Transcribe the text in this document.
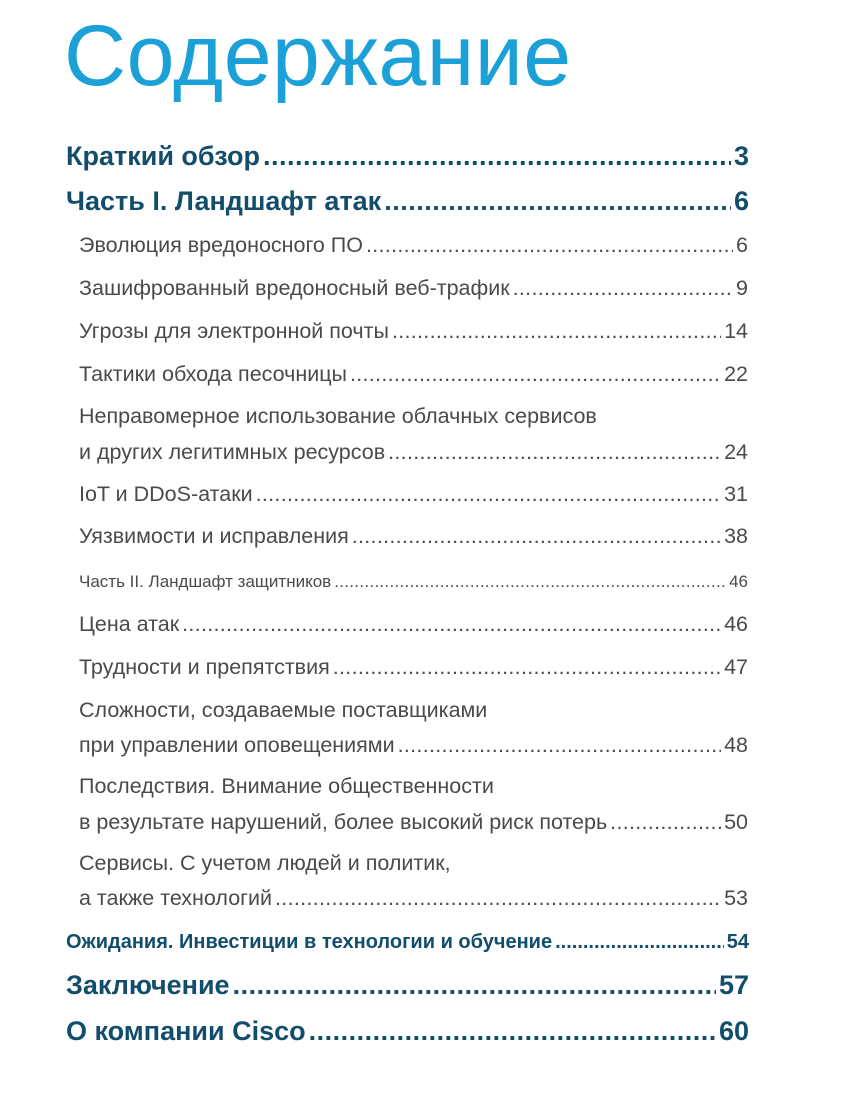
Содержание
Краткий обзор .....	3
Часть I. Ландшафт атак .....	6
Эволюция вредоносного ПО .....	6
Зашифрованный вредоносный веб-трафик .....	9
Угрозы для электронной почты .....	14
Тактики обхода песочницы .....	22
Неправомерное использование облачных сервисов
и других легитимных ресурсов .....	24
IoT и DDoS-атаки .....	31
Уязвимости и исправления .....	38
Часть II. Ландшафт защитников .....	46
Цена атак .....	46
Трудности и препятствия .....	47
Сложности, создаваемые поставщиками
при управлении оповещениями .....	48
Последствия. Внимание общественности
в результате нарушений, более высокий риск потерь .....	50
Сервисы. С учетом людей и политик,
а также технологий .....	53
Ожидания. Инвестиции в технологии и обучение .....	54
Заключение .....	57
О компании Cisco .....	60
